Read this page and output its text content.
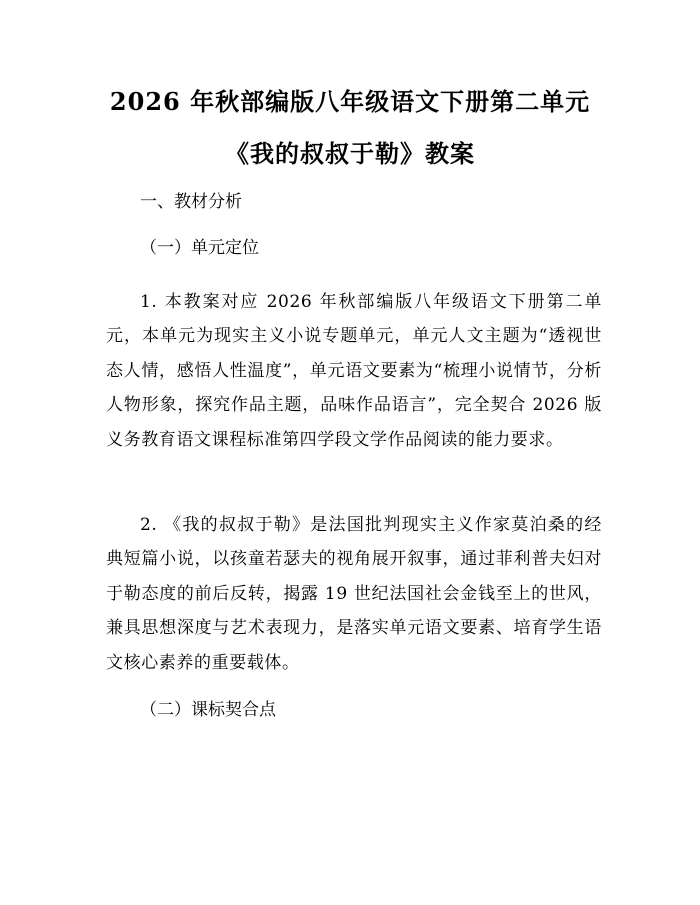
2026 年秋部编版八年级语文下册第二单元
《我的叔叔于勒》教案
一、教材分析
（一）单元定位
1. 本教案对应 2026 年秋部编版八年级语文下册第二单元，本单元为现实主义小说专题单元，单元人文主题为“透视世态人情，感悟人性温度”，单元语文要素为“梳理小说情节，分析人物形象，探究作品主题，品味作品语言”，完全契合 2026 版义务教育语文课程标准第四学段文学作品阅读的能力要求。
2. 《我的叔叔于勒》是法国批判现实主义作家莫泊桑的经典短篇小说，以孩童若瑟夫的视角展开叙事，通过菲利普夫妇对于勒态度的前后反转，揭露 19 世纪法国社会金钱至上的世风，兼具思想深度与艺术表现力，是落实单元语文要素、培育学生语文核心素养的重要载体。
（二）课标契合点
